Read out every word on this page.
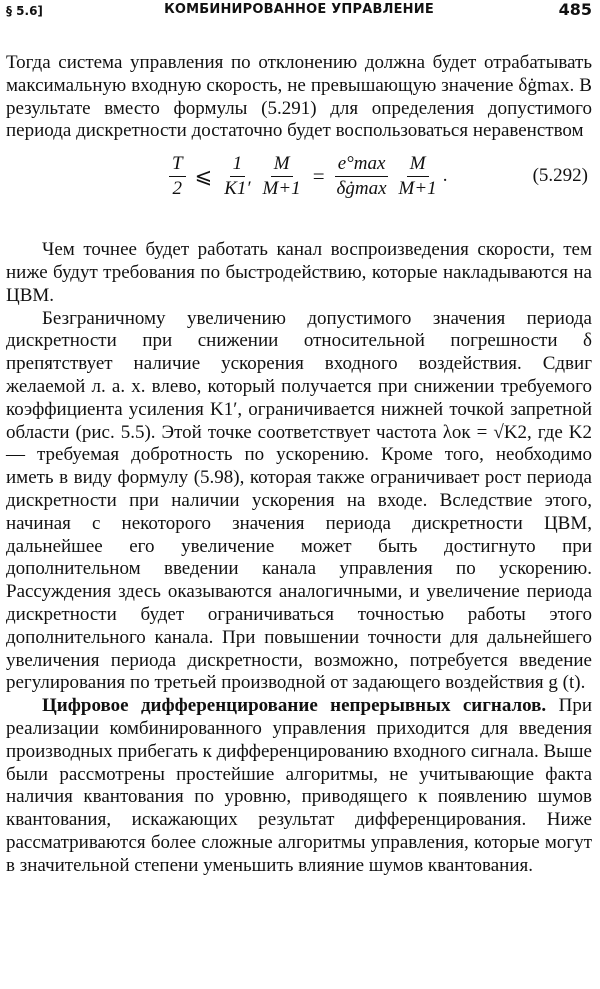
§ 5.6]	КОМБИНИРОВАННОЕ УПРАВЛЕНИЕ	485

Тогда система управления по отклонению должна будет отрабатывать максимальную входную скорость, не превышающую значение δġmax. В результате вместо формулы (5.291) для определения допустимого периода дискретности достаточно будет воспользоваться неравенством

$\frac{T}{2}$ ⩽ $\frac{1}{K1'} \frac{M}{M+1} = \frac{e^\circ\max}{\delta ġ\max} \frac{M}{M+1}$ .	(5.292)

Чем точнее будет работать канал воспроизведения скорости, тем ниже будут требования по быстродействию, которые накладываются на ЦВМ.

Безграничному увеличению допустимого значения периода дискретности при снижении относительной погрешности δ препятствует наличие ускорения входного воздействия. Сдвиг желаемой л. а. х. влево, который получается при снижении требуемого коэффициента усиления K1′, ограничивается нижней точкой запретной области (рис. 5.5). Этой точке соответствует частота λок = √K2, где K2 — требуемая добротность по ускорению. Кроме того, необходимо иметь в виду формулу (5.98), которая также ограничивает рост периода дискретности при наличии ускорения на входе. Вследствие этого, начиная с некоторого значения периода дискретности ЦВМ, дальнейшее его увеличение может быть достигнуто при дополнительном введении канала управления по ускорению. Рассуждения здесь оказываются аналогичными, и увеличение периода дискретности будет ограничиваться точностью работы этого дополнительного канала. При повышении точности для дальнейшего увеличения периода дискретности, возможно, потребуется введение регулирования по третьей производной от задающего воздействия g (t).

Цифровое дифференцирование непрерывных сигналов. При реализации комбинированного управления приходится для введения производных прибегать к дифференцированию входного сигнала. Выше были рассмотрены простейшие алгоритмы, не учитывающие факта наличия квантования по уровню, приводящего к появлению шумов квантования, искажающих результат дифференцирования. Ниже рассматриваются более сложные алгоритмы управления, которые могут в значительной степени уменьшить влияние шумов квантования.
